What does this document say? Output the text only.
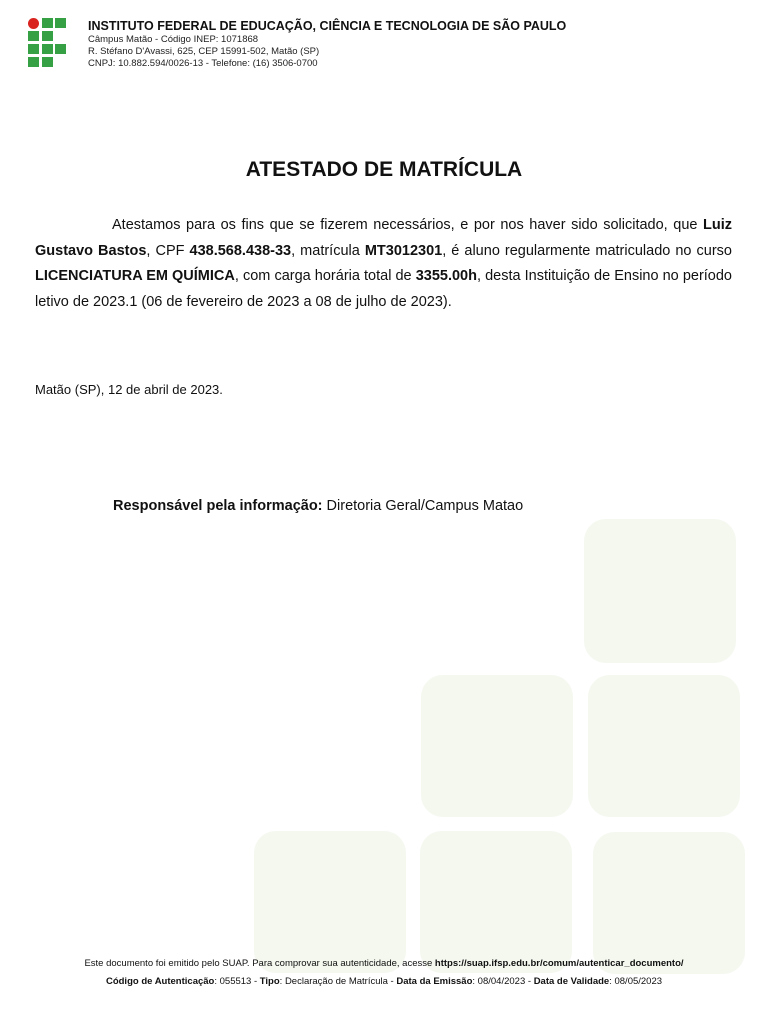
INSTITUTO FEDERAL DE EDUCAÇÃO, CIÊNCIA E TECNOLOGIA DE SÃO PAULO
Câmpus Matão - Código INEP: 1071868
R. Stéfano D'Avassi, 625, CEP 15991-502, Matão (SP)
CNPJ: 10.882.594/0026-13 - Telefone: (16) 3506-0700
ATESTADO DE MATRÍCULA

Atestamos para os fins que se fizerem necessários, e por nos haver sido solicitado, que Luiz Gustavo Bastos, CPF 438.568.438-33, matrícula MT3012301, é aluno regularmente matriculado no curso LICENCIATURA EM QUÍMICA, com carga horária total de 3355.00h, desta Instituição de Ensino no período letivo de 2023.1 (06 de fevereiro de 2023 a 08 de julho de 2023).

Matão (SP), 12 de abril de 2023.
Responsável pela informação: Diretoria Geral/Campus Matao
Este documento foi emitido pelo SUAP. Para comprovar sua autenticidade, acesse https://suap.ifsp.edu.br/comum/autenticar_documento/
Código de Autenticação: 055513 - Tipo: Declaração de Matrícula - Data da Emissão: 08/04/2023 - Data de Validade: 08/05/2023
